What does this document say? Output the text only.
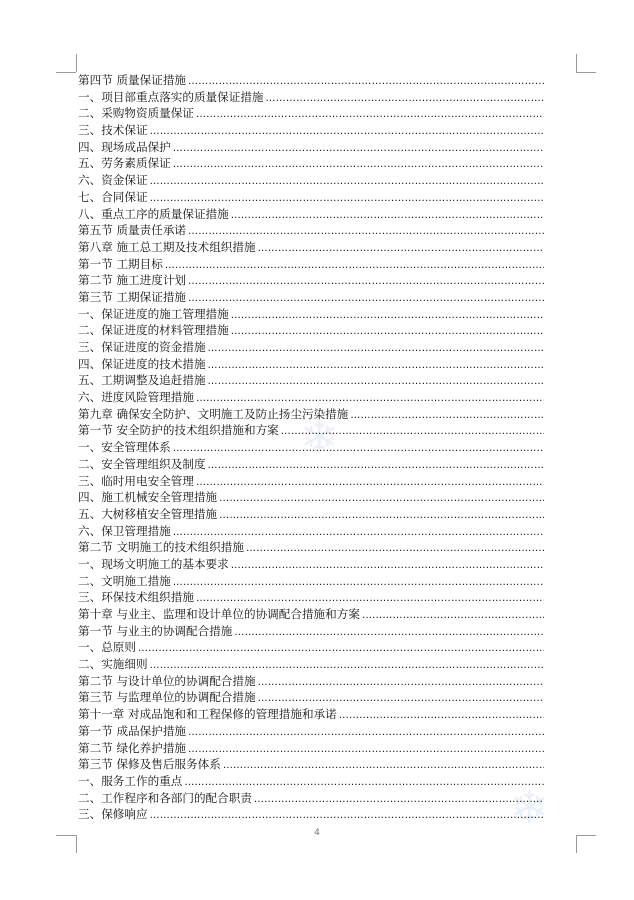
❄
❄
第四节 质量保证措施
……………………………………………………………………………………………………………………………………………………………………………………………………………………………………
一、项目部重点落实的质量保证措施
……………………………………………………………………………………………………………………………………………………………………………………………………………………………………
二、采购物资质量保证
……………………………………………………………………………………………………………………………………………………………………………………………………………………………………
三、技术保证
……………………………………………………………………………………………………………………………………………………………………………………………………………………………………
四、现场成品保护
……………………………………………………………………………………………………………………………………………………………………………………………………………………………………
五、劳务素质保证
……………………………………………………………………………………………………………………………………………………………………………………………………………………………………
六、资金保证
……………………………………………………………………………………………………………………………………………………………………………………………………………………………………
七、合同保证
……………………………………………………………………………………………………………………………………………………………………………………………………………………………………
八、重点工序的质量保证措施
……………………………………………………………………………………………………………………………………………………………………………………………………………………………………
第五节 质量责任承诺
……………………………………………………………………………………………………………………………………………………………………………………………………………………………………
第八章 施工总工期及技术组织措施
……………………………………………………………………………………………………………………………………………………………………………………………………………………………………
第一节 工期目标
……………………………………………………………………………………………………………………………………………………………………………………………………………………………………
第二节 施工进度计划
……………………………………………………………………………………………………………………………………………………………………………………………………………………………………
第三节 工期保证措施
……………………………………………………………………………………………………………………………………………………………………………………………………………………………………
一、保证进度的施工管理措施
……………………………………………………………………………………………………………………………………………………………………………………………………………………………………
二、保证进度的材料管理措施
……………………………………………………………………………………………………………………………………………………………………………………………………………………………………
三、保证进度的资金措施
……………………………………………………………………………………………………………………………………………………………………………………………………………………………………
四、保证进度的技术措施
……………………………………………………………………………………………………………………………………………………………………………………………………………………………………
五、工期调整及追赶措施
……………………………………………………………………………………………………………………………………………………………………………………………………………………………………
六、进度风险管理措施
……………………………………………………………………………………………………………………………………………………………………………………………………………………………………
第九章 确保安全防护、文明施工及防止扬尘污染措施
……………………………………………………………………………………………………………………………………………………………………………………………………………………………………
第一节 安全防护的技术组织措施和方案
……………………………………………………………………………………………………………………………………………………………………………………………………………………………………
一、安全管理体系
……………………………………………………………………………………………………………………………………………………………………………………………………………………………………
二、安全管理组织及制度
……………………………………………………………………………………………………………………………………………………………………………………………………………………………………
三、临时用电安全管理
……………………………………………………………………………………………………………………………………………………………………………………………………………………………………
四、施工机械安全管理措施
……………………………………………………………………………………………………………………………………………………………………………………………………………………………………
五、大树移植安全管理措施
……………………………………………………………………………………………………………………………………………………………………………………………………………………………………
六、保卫管理措施
……………………………………………………………………………………………………………………………………………………………………………………………………………………………………
第二节 文明施工的技术组织措施
……………………………………………………………………………………………………………………………………………………………………………………………………………………………………
一、现场文明施工的基本要求
……………………………………………………………………………………………………………………………………………………………………………………………………………………………………
二、文明施工措施
……………………………………………………………………………………………………………………………………………………………………………………………………………………………………
三、环保技术组织措施
……………………………………………………………………………………………………………………………………………………………………………………………………………………………………
第十章 与业主、监理和设计单位的协调配合措施和方案
……………………………………………………………………………………………………………………………………………………………………………………………………………………………………
第一节 与业主的协调配合措施
……………………………………………………………………………………………………………………………………………………………………………………………………………………………………
一、总原则
……………………………………………………………………………………………………………………………………………………………………………………………………………………………………
二、实施细则
……………………………………………………………………………………………………………………………………………………………………………………………………………………………………
第二节 与设计单位的协调配合措施
……………………………………………………………………………………………………………………………………………………………………………………………………………………………………
第三节 与监理单位的协调配合措施
……………………………………………………………………………………………………………………………………………………………………………………………………………………………………
第十一章 对成品饱和和工程保修的管理措施和承诺
……………………………………………………………………………………………………………………………………………………………………………………………………………………………………
第一节 成品保护措施
……………………………………………………………………………………………………………………………………………………………………………………………………………………………………
第二节 绿化养护措施
……………………………………………………………………………………………………………………………………………………………………………………………………………………………………
第三节 保修及售后服务体系
……………………………………………………………………………………………………………………………………………………………………………………………………………………………………
一、服务工作的重点
……………………………………………………………………………………………………………………………………………………………………………………………………………………………………
二、工作程序和各部门的配合职责
……………………………………………………………………………………………………………………………………………………………………………………………………………………………………
三、保修响应
……………………………………………………………………………………………………………………………………………………………………………………………………………………………………
4
